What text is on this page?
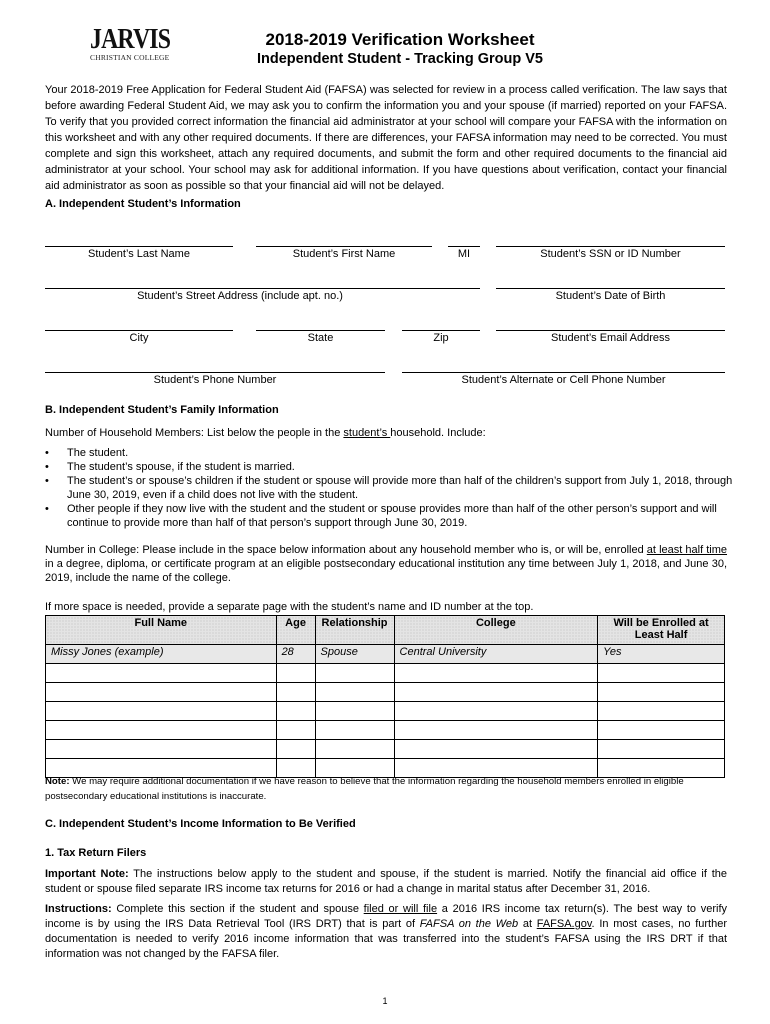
JARVIS
CHRISTIAN COLLEGE
2018-2019 Verification Worksheet
Independent Student - Tracking Group V5
Your 2018-2019 Free Application for Federal Student Aid (FAFSA) was selected for review in a process called verification. The law says that before awarding Federal Student Aid, we may ask you to confirm the information you and your spouse (if married) reported on your FAFSA. To verify that you provided correct information the financial aid administrator at your school will compare your FAFSA with the information on this worksheet and with any other required documents. If there are differences, your FAFSA information may need to be corrected. You must complete and sign this worksheet, attach any required documents, and submit the form and other required documents to the financial aid administrator at your school. Your school may ask for additional information. If you have questions about verification, contact your financial aid administrator as soon as possible so that your financial aid will not be delayed.
A. Independent Student’s Information
Student’s Last Name	Student’s First Name	MI	Student’s SSN or ID Number
Student’s Street Address (include apt. no.)	Student’s Date of Birth
City	State	Zip	Student’s Email Address
Student’s Phone Number	Student’s Alternate or Cell Phone Number
B. Independent Student’s Family Information
Number of Household Members: List below the people in the student’s household. Include:
• The student.
• The student’s spouse, if the student is married.
• The student’s or spouse’s children if the student or spouse will provide more than half of the children’s support from July 1, 2018, through June 30, 2019, even if a child does not live with the student.
• Other people if they now live with the student and the student or spouse provides more than half of the other person’s support and will continue to provide more than half of that person’s support through June 30, 2019.
Number in College: Please include in the space below information about any household member who is, or will be, enrolled at least half time in a degree, diploma, or certificate program at an eligible postsecondary educational institution any time between July 1, 2018, and June 30, 2019, include the name of the college.
If more space is needed, provide a separate page with the student’s name and ID number at the top.
Full Name	Age	Relationship	College	Will be Enrolled at Least Half
Missy Jones (example)	28	Spouse	Central University	Yes

Note: We may require additional documentation if we have reason to believe that the information regarding the household members enrolled in eligible postsecondary educational institutions is inaccurate.
C. Independent Student’s Income Information to Be Verified
1. Tax Return Filers
Important Note: The instructions below apply to the student and spouse, if the student is married. Notify the financial aid office if the student or spouse filed separate IRS income tax returns for 2016 or had a change in marital status after December 31, 2016.
Instructions: Complete this section if the student and spouse filed or will file a 2016 IRS income tax return(s). The best way to verify income is by using the IRS Data Retrieval Tool (IRS DRT) that is part of FAFSA on the Web at FAFSA.gov. In most cases, no further documentation is needed to verify 2016 income information that was transferred into the student’s FAFSA using the IRS DRT if that information was not changed by the FAFSA filer.
1
